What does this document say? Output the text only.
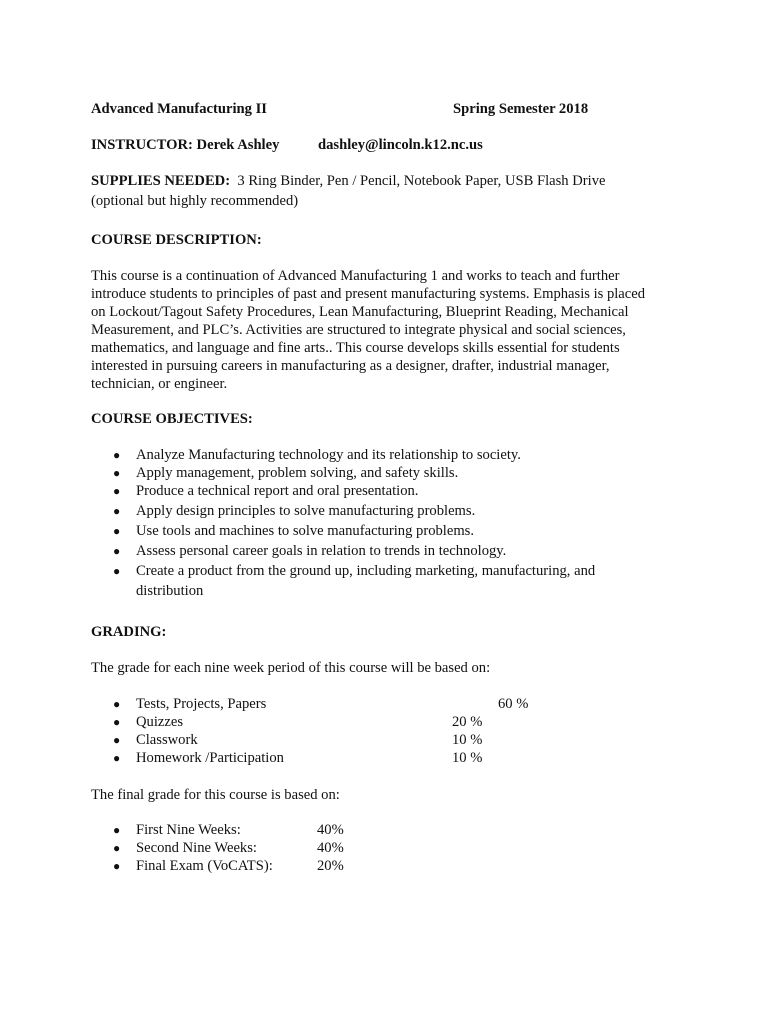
Advanced Manufacturing II	Spring Semester 2018
INSTRUCTOR: Derek Ashley	dashley@lincoln.k12.nc.us
SUPPLIES NEEDED: 3 Ring Binder, Pen / Pencil, Notebook Paper, USB Flash Drive
(optional but highly recommended)
COURSE DESCRIPTION:

This course is a continuation of Advanced Manufacturing 1 and works to teach and further

introduce students to principles of past and present manufacturing systems. Emphasis is placed

on Lockout/Tagout Safety Procedures, Lean Manufacturing, Blueprint Reading, Mechanical

Measurement, and PLC’s. Activities are structured to integrate physical and social sciences,

mathematics, and language and fine arts.. This course develops skills essential for students

interested in pursuing careers in manufacturing as a designer, drafter, industrial manager,

technician, or engineer.

COURSE OBJECTIVES:
● Analyze Manufacturing technology and its relationship to society.
● Apply management, problem solving, and safety skills.
● Produce a technical report and oral presentation.
● Apply design principles to solve manufacturing problems.
● Use tools and machines to solve manufacturing problems.
● Assess personal career goals in relation to trends in technology.
● Create a product from the ground up, including marketing, manufacturing, and
distribution
GRADING:
The grade for each nine week period of this course will be based on:
● Tests, Projects, Papers	60 %
● Quizzes	20 %
● Classwork	10 %
● Homework /Participation	10 %
The final grade for this course is based on:
● First Nine Weeks:	40%
● Second Nine Weeks:	40%
● Final Exam (VoCATS):	20%
